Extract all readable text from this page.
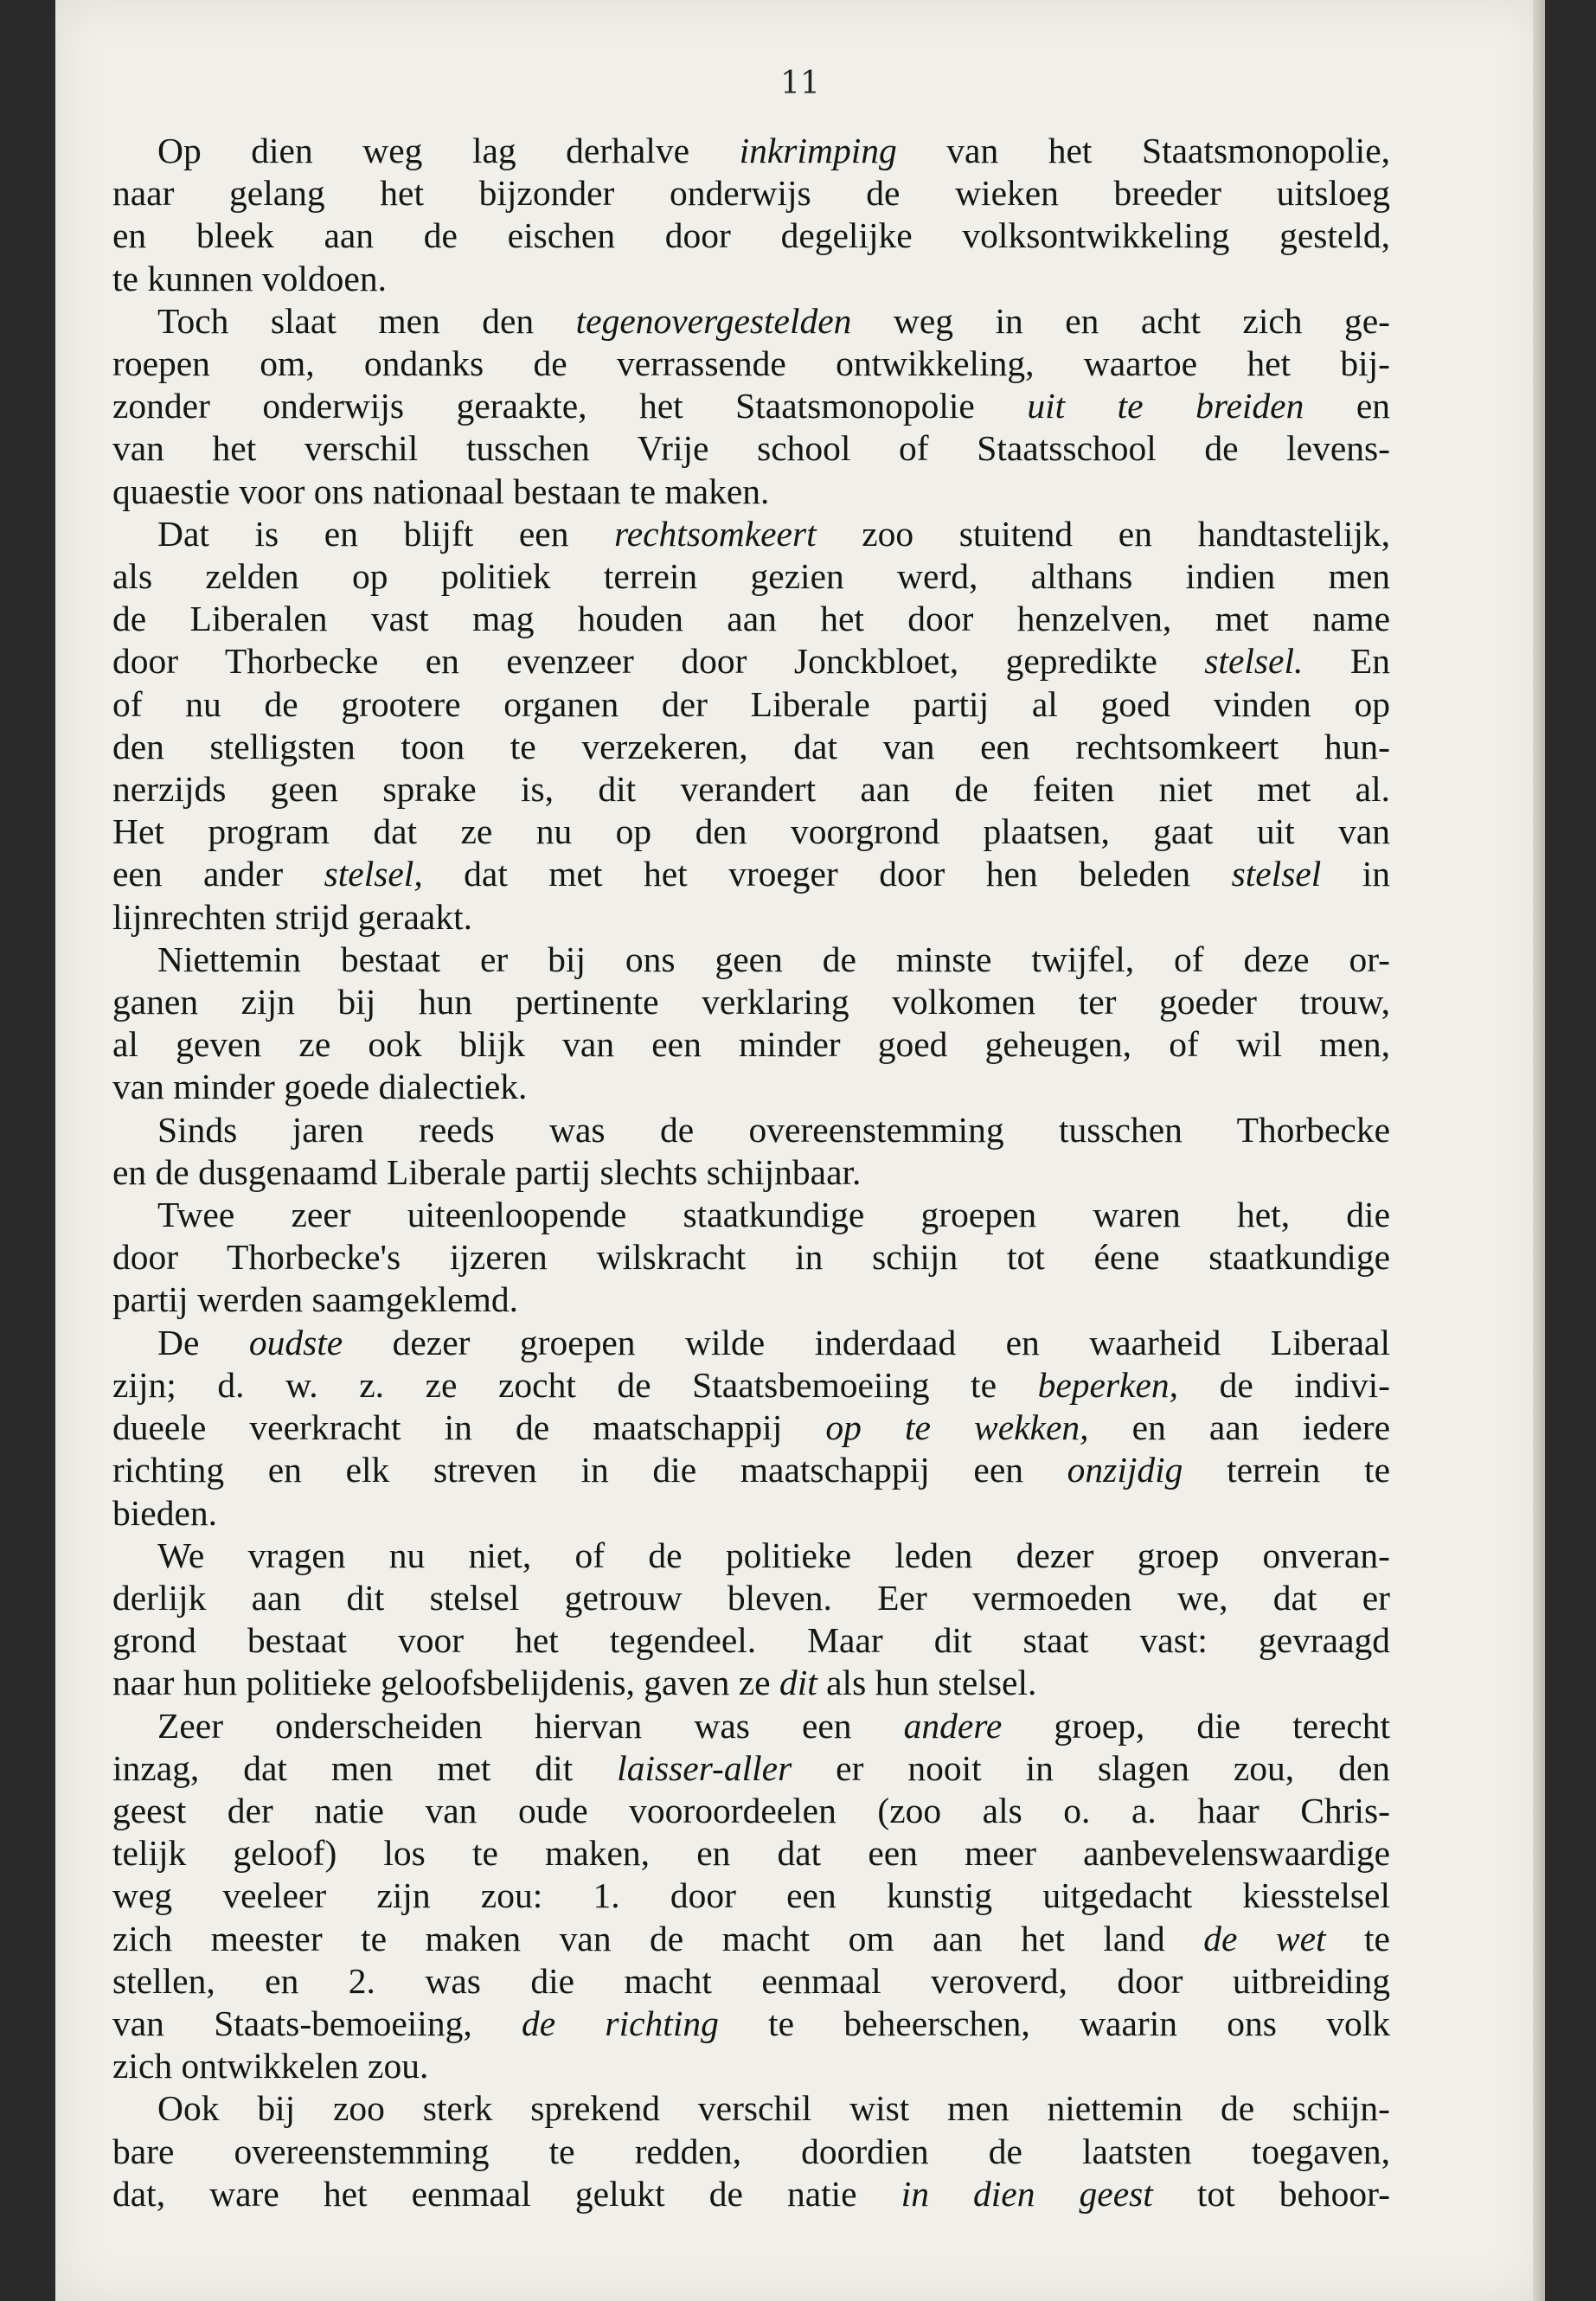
11
Op dien weg lag derhalve inkrimping van het Staatsmonopolie,
naar gelang het bijzonder onderwijs de wieken breeder uitsloeg
en bleek aan de eischen door degelijke volksontwikkeling gesteld,
te kunnen voldoen.
Toch slaat men den tegenovergestelden weg in en acht zich ge-
roepen om, ondanks de verrassende ontwikkeling, waartoe het bij-
zonder onderwijs geraakte, het Staatsmonopolie uit te breiden en
van het verschil tusschen Vrije school of Staatsschool de levens-
quaestie voor ons nationaal bestaan te maken.
Dat is en blijft een rechtsomkeert zoo stuitend en handtastelijk,
als zelden op politiek terrein gezien werd, althans indien men
de Liberalen vast mag houden aan het door henzelven, met name
door Thorbecke en evenzeer door Jonckbloet, gepredikte stelsel. En
of nu de grootere organen der Liberale partij al goed vinden op
den stelligsten toon te verzekeren, dat van een rechtsomkeert hun-
nerzijds geen sprake is, dit verandert aan de feiten niet met al.
Het program dat ze nu op den voorgrond plaatsen, gaat uit van
een ander stelsel, dat met het vroeger door hen beleden stelsel in
lijnrechten strijd geraakt.
Niettemin bestaat er bij ons geen de minste twijfel, of deze or-
ganen zijn bij hun pertinente verklaring volkomen ter goeder trouw,
al geven ze ook blijk van een minder goed geheugen, of wil men,
van minder goede dialectiek.
Sinds jaren reeds was de overeenstemming tusschen Thorbecke
en de dusgenaamd Liberale partij slechts schijnbaar.
Twee zeer uiteenloopende staatkundige groepen waren het, die
door Thorbecke's ijzeren wilskracht in schijn tot éene staatkundige
partij werden saamgeklemd.
De oudste dezer groepen wilde inderdaad en waarheid Liberaal
zijn; d. w. z. ze zocht de Staatsbemoeiing te beperken, de indivi-
dueele veerkracht in de maatschappij op te wekken, en aan iedere
richting en elk streven in die maatschappij een onzijdig terrein te
bieden.
We vragen nu niet, of de politieke leden dezer groep onveran-
derlijk aan dit stelsel getrouw bleven. Eer vermoeden we, dat er
grond bestaat voor het tegendeel. Maar dit staat vast: gevraagd
naar hun politieke geloofsbelijdenis, gaven ze dit als hun stelsel.
Zeer onderscheiden hiervan was een andere groep, die terecht
inzag, dat men met dit laisser-aller er nooit in slagen zou, den
geest der natie van oude vooroordeelen (zoo als o. a. haar Chris-
telijk geloof) los te maken, en dat een meer aanbevelenswaardige
weg veeleer zijn zou: 1. door een kunstig uitgedacht kiesstelsel
zich meester te maken van de macht om aan het land de wet te
stellen, en 2. was die macht eenmaal veroverd, door uitbreiding
van Staats-bemoeiing, de richting te beheerschen, waarin ons volk
zich ontwikkelen zou.
Ook bij zoo sterk sprekend verschil wist men niettemin de schijn-
bare overeenstemming te redden, doordien de laatsten toegaven,
dat, ware het eenmaal gelukt de natie in dien geest tot behoor-
